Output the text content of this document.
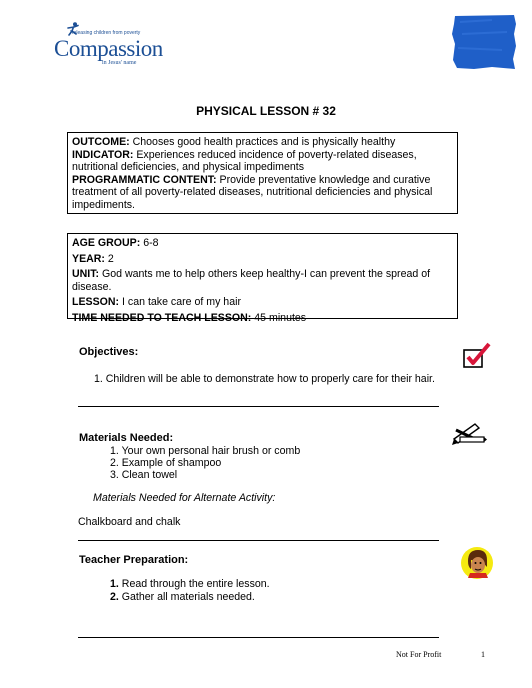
Releasing children from poverty
Compassion
in Jesus' name
PHYSICAL LESSON # 32

OUTCOME: Chooses good health practices and is physically healthy

INDICATOR: Experiences reduced incidence of poverty-related diseases, nutritional deficiencies, and physical impediments

PROGRAMMATIC CONTENT: Provide preventative knowledge and curative treatment of all poverty-related diseases, nutritional deficiencies and physical impediments.

AGE GROUP: 6-8

YEAR: 2

UNIT: God wants me to help others keep healthy-I can prevent the spread of disease.

LESSON: I can take care of my hair

TIME NEEDED TO TEACH LESSON: 45 minutes

Objectives:
1. Children will be able to demonstrate how to properly care for their hair.
Materials Needed:
1. Your own personal hair brush or comb
2. Example of shampoo
3. Clean towel
Materials Needed for Alternate Activity:
Chalkboard and chalk
Teacher Preparation:
1. Read through the entire lesson.
2. Gather all materials needed.
Not For Profit	1
